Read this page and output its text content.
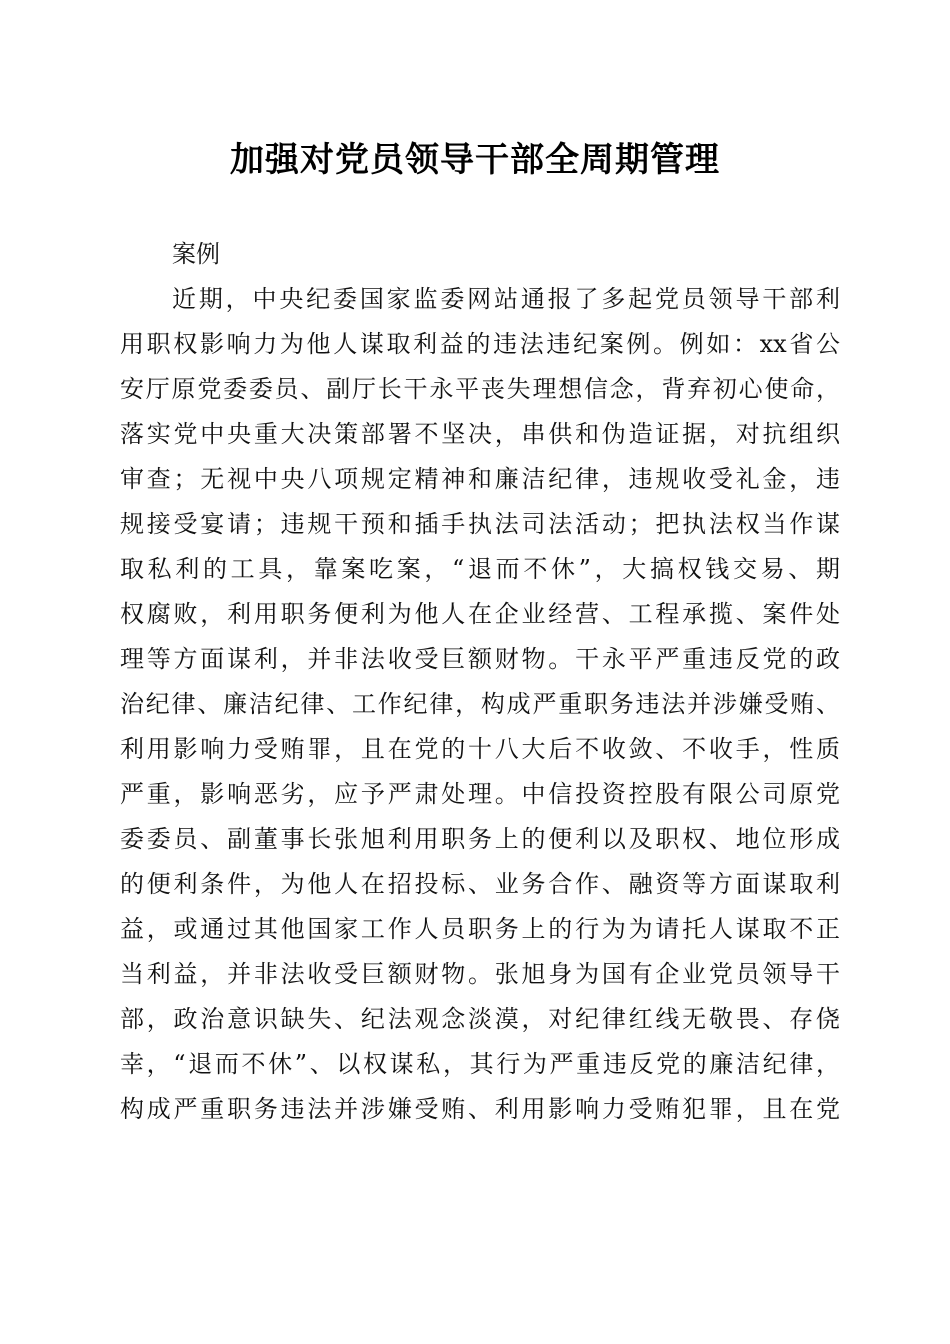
加强对党员领导干部全周期管理
案例
近期，中央纪委国家监委网站通报了多起党员领导干部利
用职权影响力为他人谋取利益的违法违纪案例。例如：xx省公
安厅原党委委员、副厅长干永平丧失理想信念，背弃初心使命，
落实党中央重大决策部署不坚决，串供和伪造证据，对抗组织
审查；无视中央八项规定精神和廉洁纪律，违规收受礼金，违
规接受宴请；违规干预和插手执法司法活动；把执法权当作谋
取私利的工具，靠案吃案，“退而不休”，大搞权钱交易、期
权腐败，利用职务便利为他人在企业经营、工程承揽、案件处
理等方面谋利，并非法收受巨额财物。干永平严重违反党的政
治纪律、廉洁纪律、工作纪律，构成严重职务违法并涉嫌受贿、
利用影响力受贿罪，且在党的十八大后不收敛、不收手，性质
严重，影响恶劣，应予严肃处理。中信投资控股有限公司原党
委委员、副董事长张旭利用职务上的便利以及职权、地位形成
的便利条件，为他人在招投标、业务合作、融资等方面谋取利
益，或通过其他国家工作人员职务上的行为为请托人谋取不正
当利益，并非法收受巨额财物。张旭身为国有企业党员领导干
部，政治意识缺失、纪法观念淡漠，对纪律红线无敬畏、存侥
幸，“退而不休”、以权谋私，其行为严重违反党的廉洁纪律，
构成严重职务违法并涉嫌受贿、利用影响力受贿犯罪，且在党
